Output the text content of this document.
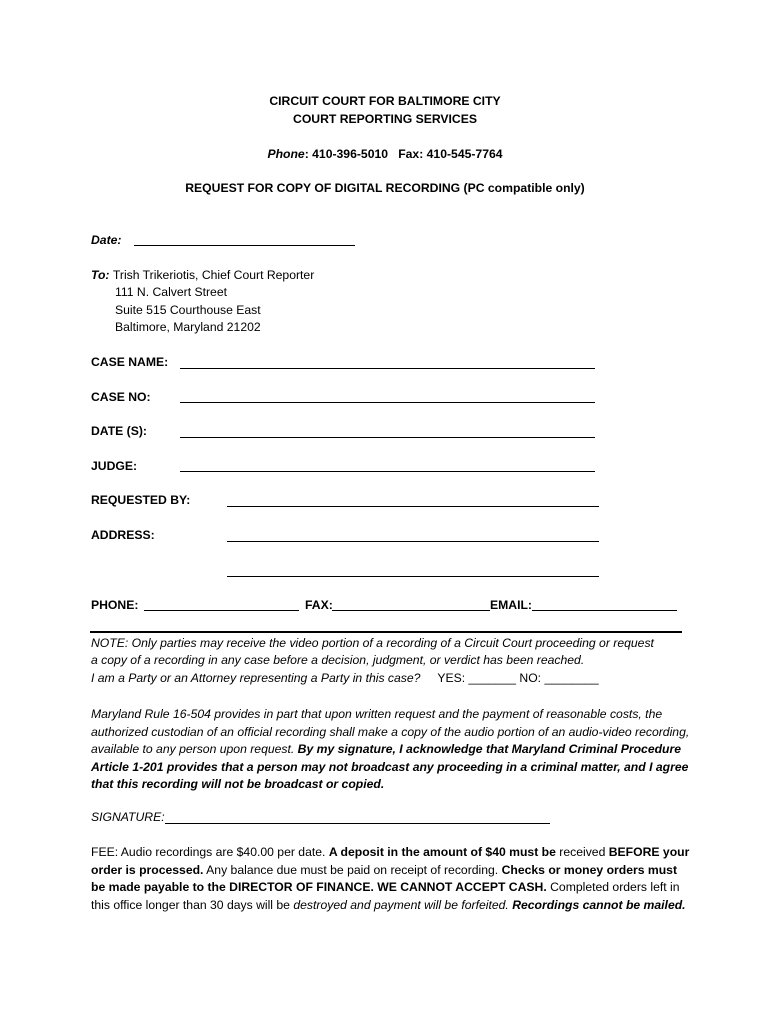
CIRCUIT COURT FOR BALTIMORE CITY
COURT REPORTING SERVICES
Phone: 410-396-5010 Fax: 410-545-7764
REQUEST FOR COPY OF DIGITAL RECORDING (PC compatible only)
Date:
To: Trish Trikeriotis, Chief Court Reporter
111 N. Calvert Street
Suite 515 Courthouse East
Baltimore, Maryland 21202
CASE NAME:
CASE NO:
DATE (S):
JUDGE:
REQUESTED BY:
ADDRESS:
PHONE:	FAX:	EMAIL:
NOTE: Only parties may receive the video portion of a recording of a Circuit Court proceeding or request
a copy of a recording in any case before a decision, judgment, or verdict has been reached.
I am a Party or an Attorney representing a Party in this case? YES: _______ NO: ________
Maryland Rule 16-504 provides in part that upon written request and the payment of reasonable costs, the authorized custodian of an official recording shall make a copy of the audio portion of an audio-video recording, available to any person upon request. By my signature, I acknowledge that Maryland Criminal Procedure Article 1-201 provides that a person may not broadcast any proceeding in a criminal matter, and I agree that this recording will not be broadcast or copied.
SIGNATURE:
FEE: Audio recordings are $40.00 per date. A deposit in the amount of $40 must be received BEFORE your order is processed. Any balance due must be paid on receipt of recording. Checks or money orders must be made payable to the DIRECTOR OF FINANCE. WE CANNOT ACCEPT CASH. Completed orders left in this office longer than 30 days will be destroyed and payment will be forfeited. Recordings cannot be mailed.
